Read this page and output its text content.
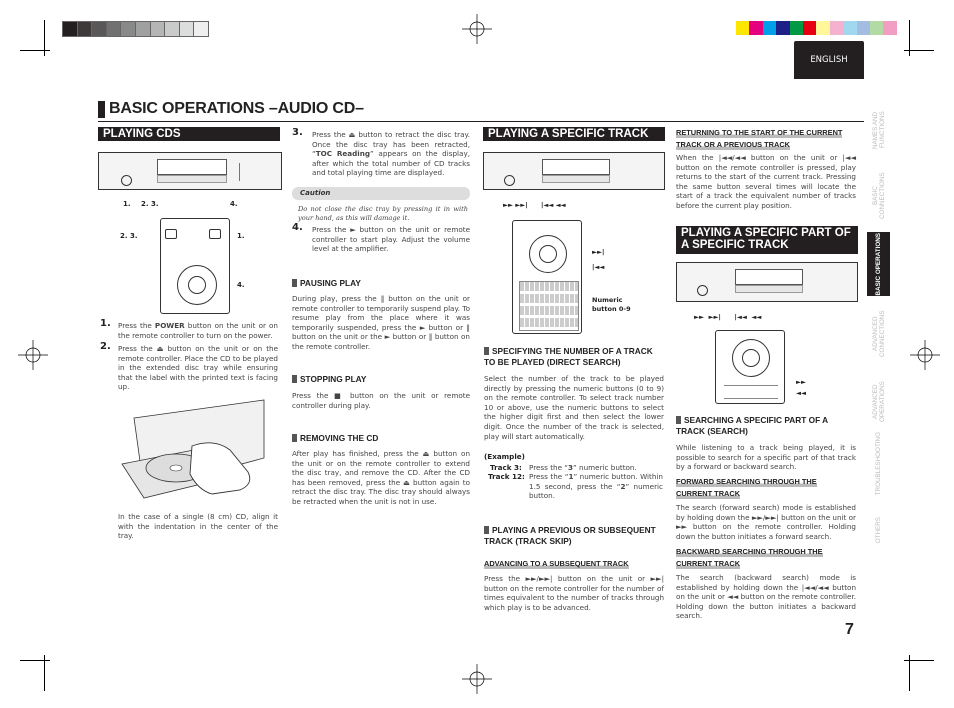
ENGLISH
BASIC OPERATIONS –AUDIO CD–
NAMES AND FUNCTIONS
BASIC CONNECTIONS
BASIC OPERATIONS
ADVANCED CONNECTIONS
ADVANCED OPERATIONS
TROUBLESHOOTING
OTHERS
PLAYING CDS
1. 2. 3.	4.
2. 3.	1.
4.
1. Press the POWER button on the unit or on the remote controller to turn on the power.
2. Press the ⏏ button on the unit or on the remote controller. Place the CD to be played in the extended disc tray while ensuring that the label with the printed text is facing up.
In the case of a single (8 cm) CD, align it with the indentation in the center of the tray.
3. Press the ⏏ button to retract the disc tray. Once the disc tray has been retracted, “TOC Reading” appears on the display, after which the total number of CD tracks and total playing time are displayed.
Caution
Do not close the disc tray by pressing it in with your hand, as this will damage it.
4. Press the ► button on the unit or remote controller to start play. Adjust the volume level at the amplifier.
PAUSING PLAY
During play, press the ‖ button on the unit or remote controller to temporarily suspend play. To resume play from the place where it was temporarily suspended, press the ► button or ‖ button on the unit or the ► button or ‖ button on the remote controller.
STOPPING PLAY
Press the ■ button on the unit or remote controller during play.
REMOVING THE CD
After play has finished, press the ⏏ button on the unit or on the remote controller to extend the disc tray, and remove the CD. After the CD has been removed, press the ⏏ button again to retract the disc tray. The disc tray should always be retracted when the unit is not in use.
PLAYING A SPECIFIC TRACK
►► ►►| |◄◄ ◄◄
►►|
|◄◄
Numeric button 0-9
SPECIFYING THE NUMBER OF A TRACK TO BE PLAYED (DIRECT SEARCH)
Select the number of the track to be played directly by pressing the numeric buttons (0 to 9) on the remote controller. To select track number 10 or above, use the numeric buttons to select the higher digit first and then select the lower digit. Once the number of the track is selected, play will start automatically.
(Example)
Track 3: Press the “3” numeric button.
Track 12: Press the “1” numeric button. Within 1.5 second, press the “2” numeric button.
PLAYING A PREVIOUS OR SUBSEQUENT TRACK (TRACK SKIP)
ADVANCING TO A SUBSEQUENT TRACK
Press the ►►/►►| button on the unit or ►►| button on the remote controller for the number of times equivalent to the number of tracks through which play is to be advanced.
RETURNING TO THE START OF THE CURRENT
TRACK OR A PREVIOUS TRACK
When the |◄◄/◄◄ button on the unit or |◄◄ button on the remote controller is pressed, play returns to the start of the current track. Pressing the same button several times will locate the start of a track the equivalent number of tracks before the current play position.
PLAYING A SPECIFIC PART OF A SPECIFIC TRACK
►►  ►►|      |◄◄  ◄◄
►►
◄◄
SEARCHING A SPECIFIC PART OF A TRACK (SEARCH)
While listening to a track being played, it is possible to search for a specific part of that track by a forward or backward search.
FORWARD SEARCHING THROUGH THE
CURRENT TRACK
The search (forward search) mode is established by holding down the ►►/►►| button on the unit or ►► button on the remote controller. Holding down the button initiates a forward search.
BACKWARD SEARCHING THROUGH THE
CURRENT TRACK
The search (backward search) mode is established by holding down the |◄◄/◄◄ button on the unit or ◄◄ button on the remote controller. Holding down the button initiates a backward search.
7
